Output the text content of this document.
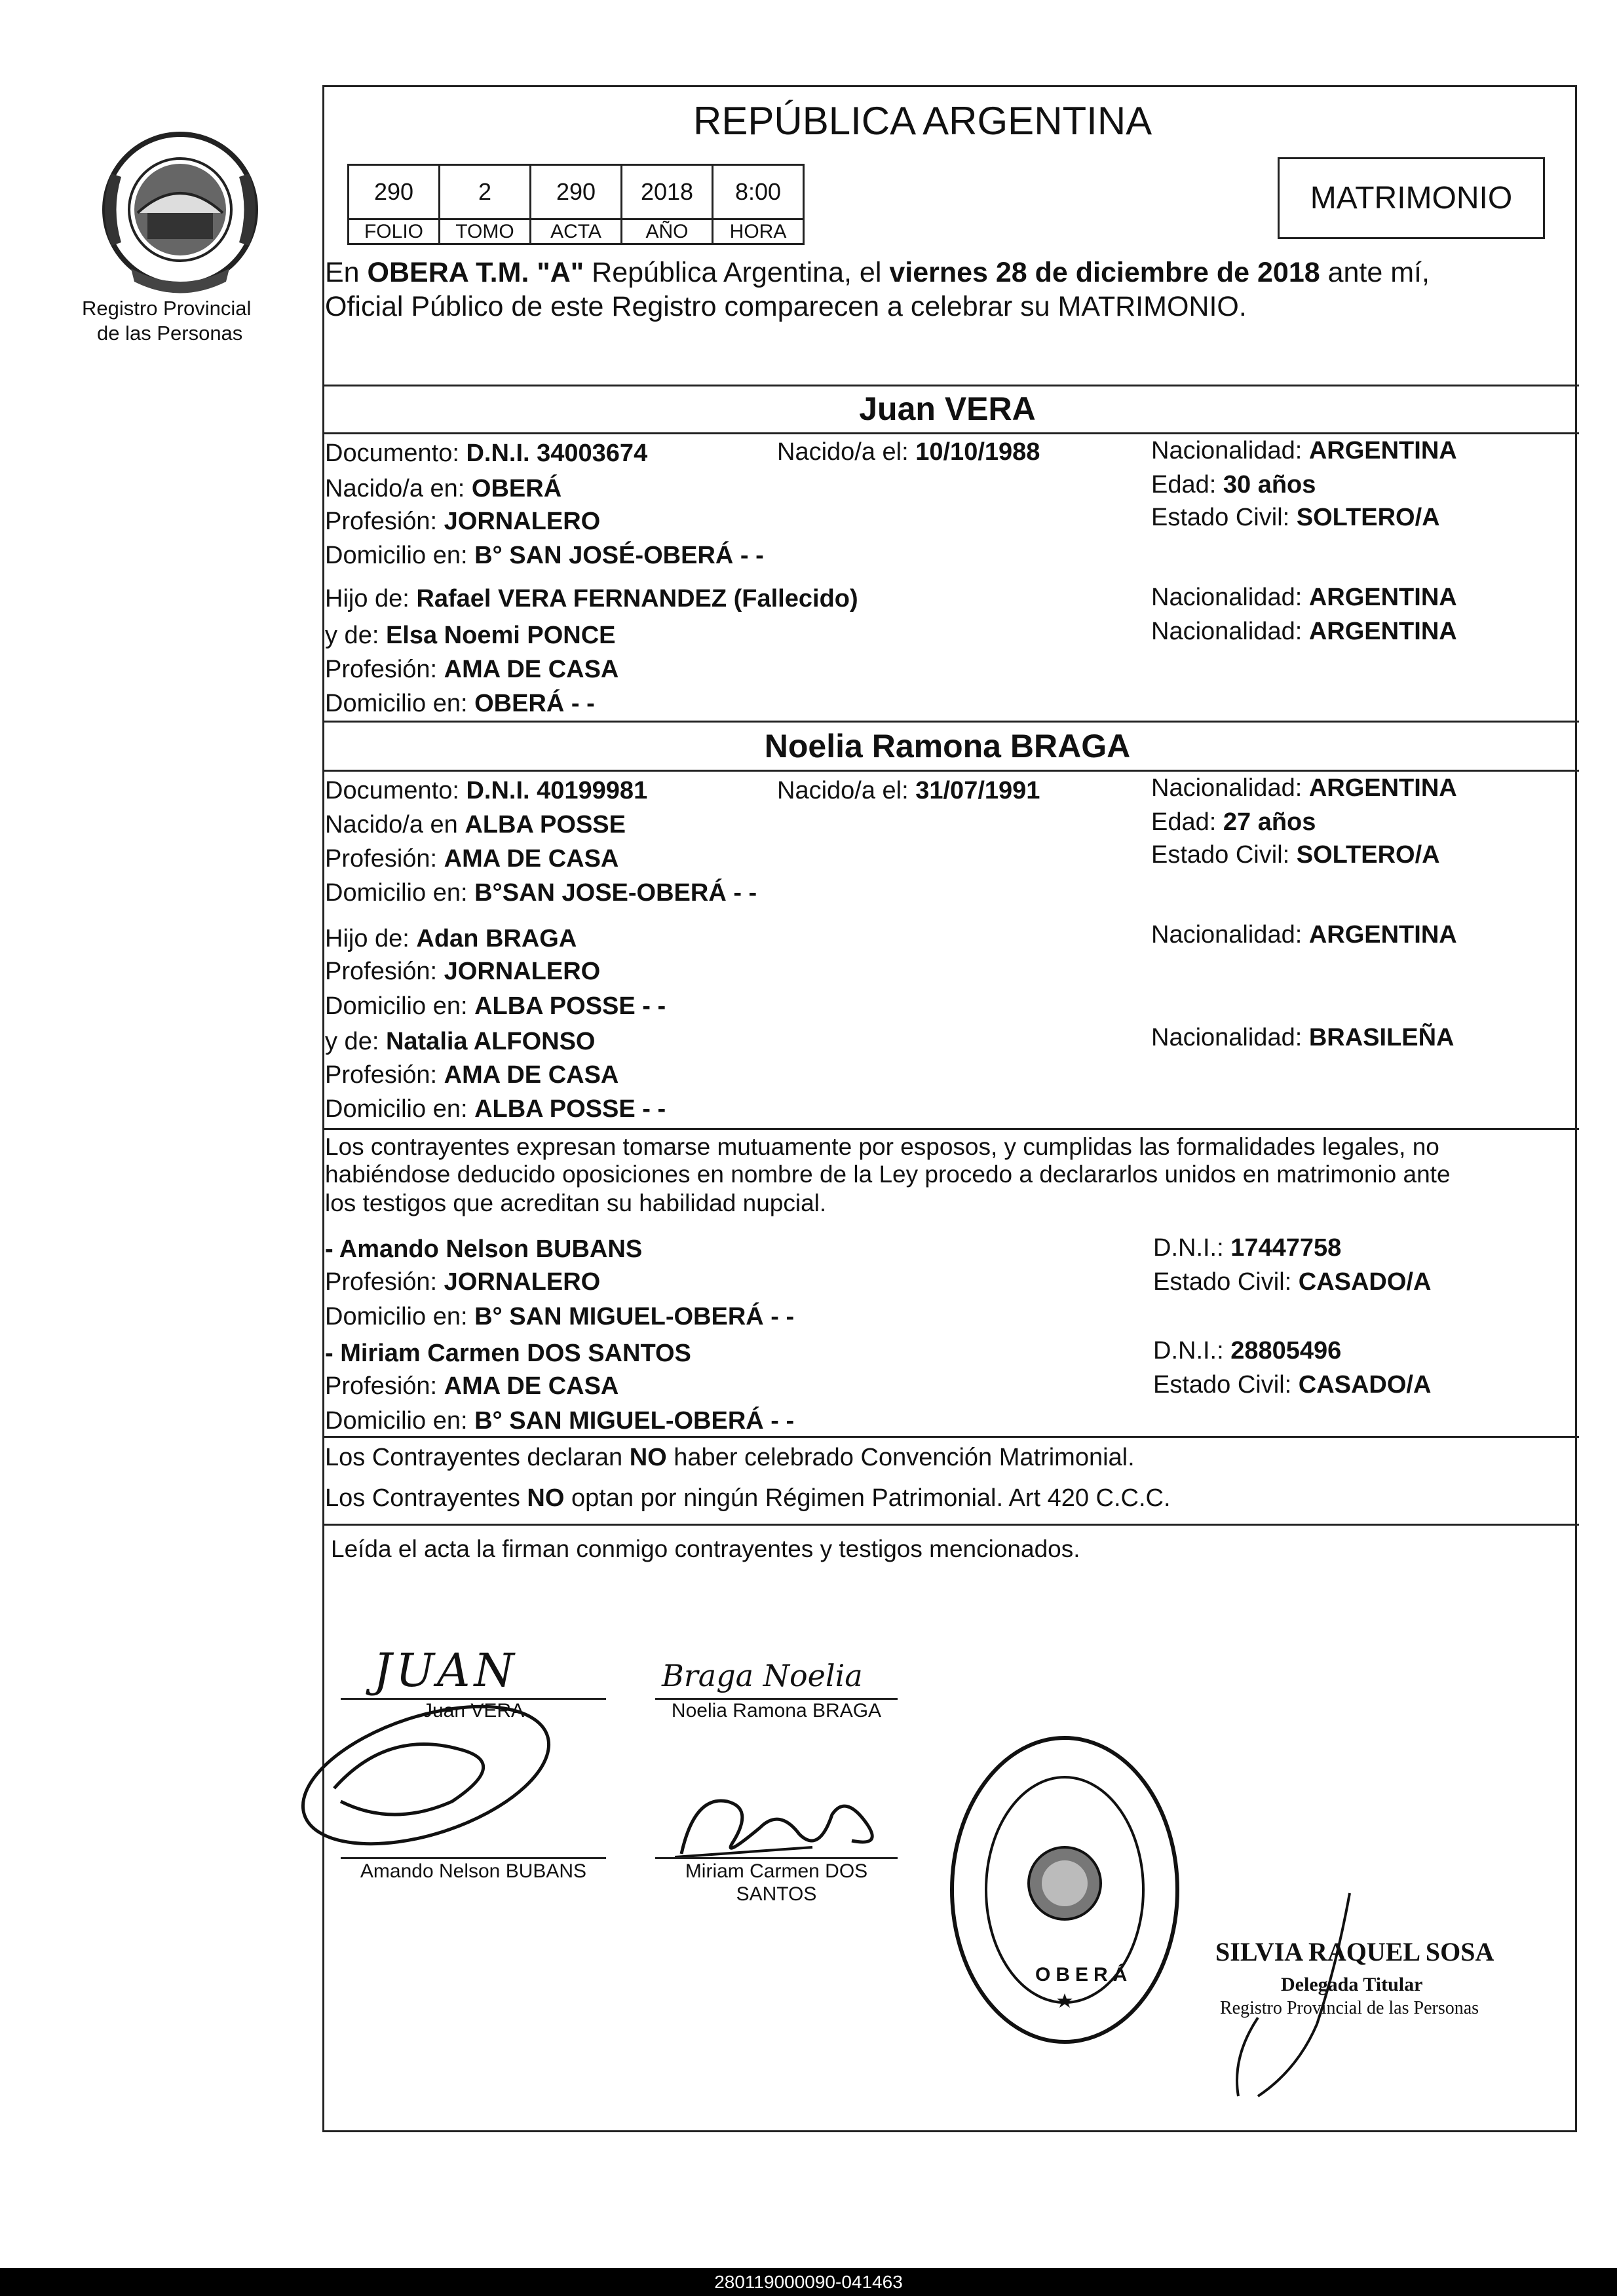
Registro Provincial
de las Personas
REPÚBLICA ARGENTINA
290	2	290	2018	8:00
FOLIO	TOMO	ACTA	AÑO	HORA
MATRIMONIO
En OBERA T.M. "A" República Argentina, el viernes 28 de diciembre de 2018 ante mí,
Oficial Público de este Registro comparecen a celebrar su MATRIMONIO.
Juan VERA
Documento: D.N.I. 34003674	Nacido/a el: 10/10/1988	Nacionalidad: ARGENTINA
Nacido/a en: OBERÁ	Edad: 30 años
Profesión: JORNALERO	Estado Civil: SOLTERO/A
Domicilio en: B° SAN JOSÉ-OBERÁ - -
Hijo de: Rafael VERA FERNANDEZ (Fallecido)	Nacionalidad: ARGENTINA
y de: Elsa Noemi PONCE	Nacionalidad: ARGENTINA
Profesión: AMA DE CASA
Domicilio en: OBERÁ - -
Noelia Ramona BRAGA
Documento: D.N.I. 40199981	Nacido/a el: 31/07/1991	Nacionalidad: ARGENTINA
Nacido/a en ALBA POSSE	Edad: 27 años
Profesión: AMA DE CASA	Estado Civil: SOLTERO/A
Domicilio en: B°SAN JOSE-OBERÁ - -
Hijo de: Adan BRAGA	Nacionalidad: ARGENTINA
Profesión: JORNALERO
Domicilio en: ALBA POSSE - -
y de: Natalia ALFONSO	Nacionalidad: BRASILEÑA
Profesión: AMA DE CASA
Domicilio en: ALBA POSSE - -
Los contrayentes expresan tomarse mutuamente por esposos, y cumplidas las formalidades legales, no
habiéndose deducido oposiciones en nombre de la Ley procedo a declararlos unidos en matrimonio ante
los testigos que acreditan su habilidad nupcial.
- Amando Nelson BUBANS	D.N.I.: 17447758
Profesión: JORNALERO	Estado Civil: CASADO/A
Domicilio en: B° SAN MIGUEL-OBERÁ - -
- Miriam Carmen DOS SANTOS	D.N.I.: 28805496
Profesión: AMA DE CASA	Estado Civil: CASADO/A
Domicilio en: B° SAN MIGUEL-OBERÁ - -
Los Contrayentes declaran NO haber celebrado Convención Matrimonial.
Los Contrayentes NO optan por ningún Régimen Patrimonial. Art 420 C.C.C.
Leída el acta la firman conmigo contrayentes y testigos mencionados.
JUAN
Juan VERA
Braga Noelia
Noelia Ramona BRAGA
Amando Nelson BUBANS	Miriam Carmen DOS
SANTOS
OBERÁ
SILVIA RAQUEL SOSA
Delegada Titular
Registro Provincial de las Personas
280119000090-041463
